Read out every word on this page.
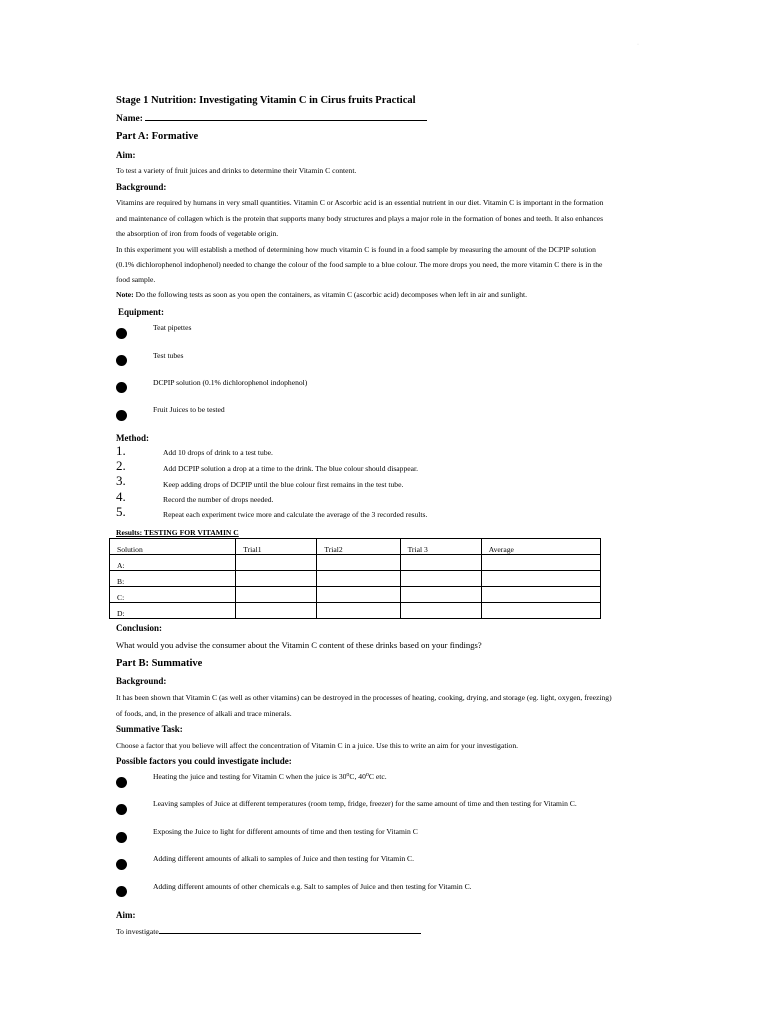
·
Stage 1 Nutrition: Investigating Vitamin C in Cirus fruits Practical
Name:
Part A: Formative
Aim:
To test a variety of fruit juices and drinks to determine their Vitamin C content.
Background:
Vitamins are required by humans in very small quantities. Vitamin C or Ascorbic acid is an essential nutrient in our diet. Vitamin C is important in the formation
and maintenance of collagen which is the protein that supports many body structures and plays a major role in the formation of bones and teeth. It also enhances
the absorption of iron from foods of vegetable origin.
In this experiment you will establish a method of determining how much vitamin C is found in a food sample by measuring the amount of the DCPIP solution
(0.1% dichlorophenol indophenol) needed to change the colour of the food sample to a blue colour. The more drops you need, the more vitamin C there is in the
food sample.
Note: Do the following tests as soon as you open the containers, as vitamin C (ascorbic acid) decomposes when left in air and sunlight.
Equipment:
Teat pipettes
Test tubes
DCPIP solution (0.1% dichlorophenol indophenol)
Fruit Juices to be tested
Method:
1.	Add 10 drops of drink to a test tube.
2.	Add DCPIP solution a drop at a time to the drink. The blue colour should disappear.
3.	Keep adding drops of DCPIP until the blue colour first remains in the test tube.
4.	Record the number of drops needed.
5.	Repeat each experiment twice more and calculate the average of the 3 recorded results.
Results: TESTING FOR VITAMIN C
Solution	Trial1	Trial2	Trial 3	Average
A:				
B:				
C:				
D:				
Conclusion:
What would you advise the consumer about the Vitamin C content of these drinks based on your findings?
Part B: Summative
Background:
It has been shown that Vitamin C (as well as other vitamins) can be destroyed in the processes of heating, cooking, drying, and storage (eg. light, oxygen, freezing)
of foods, and, in the presence of alkali and trace minerals.
Summative Task:
Choose a factor that you believe will affect the concentration of Vitamin C in a juice. Use this to write an aim for your investigation.
Possible factors you could investigate include:
Heating the juice and testing for Vitamin C when the juice is 30$^o$C, 40$^o$C etc.
Leaving samples of Juice at different temperatures (room temp, fridge, freezer) for the same amount of time and then testing for Vitamin C.
Exposing the Juice to light for different amounts of time and then testing for Vitamin C
Adding different amounts of alkali to samples of Juice and then testing for Vitamin C.
Adding different amounts of other chemicals e.g. Salt to samples of Juice and then testing for Vitamin C.
Aim:
To investigate
